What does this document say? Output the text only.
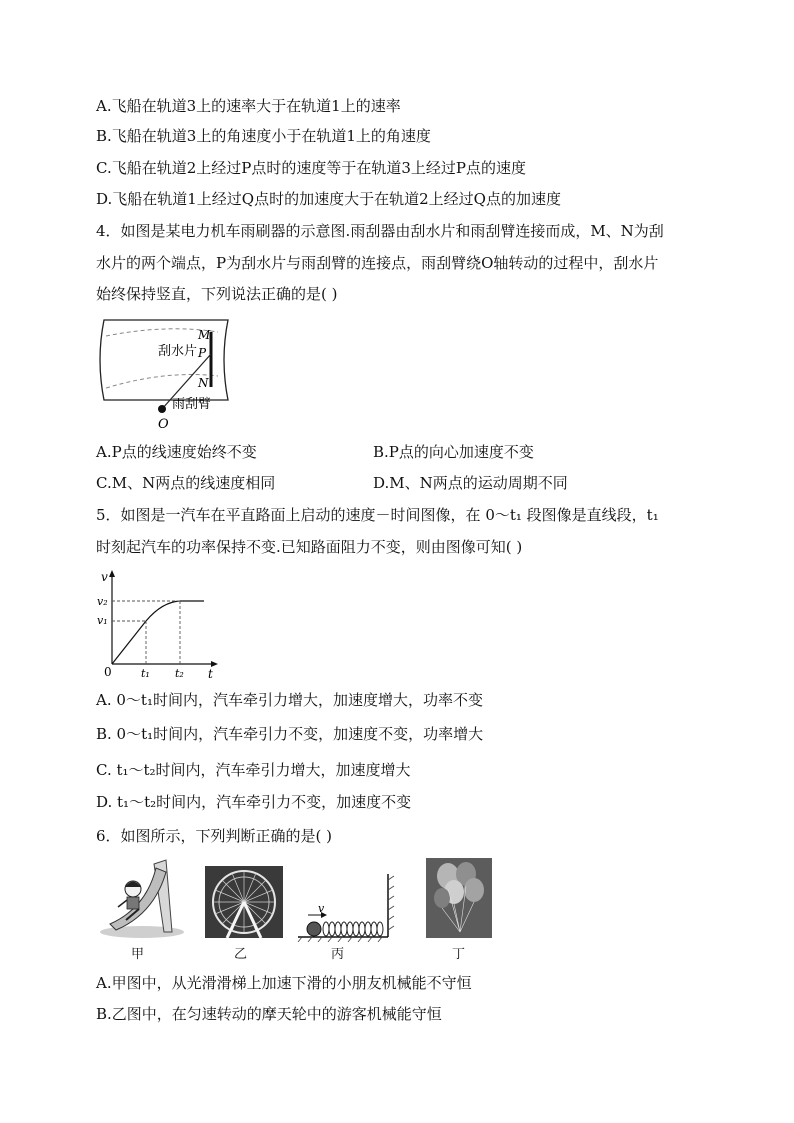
A.飞船在轨道3上的速率大于在轨道1上的速率
B.飞船在轨道3上的角速度小于在轨道1上的角速度
C.飞船在轨道2上经过P点时的速度等于在轨道3上经过P点的速度
D.飞船在轨道1上经过Q点时的加速度大于在轨道2上经过Q点的加速度
4．如图是某电力机车雨刷器的示意图.雨刮器由刮水片和雨刮臂连接而成，M、N为刮
水片的两个端点，P为刮水片与雨刮臂的连接点，雨刮臂绕O轴转动的过程中，刮水片
始终保持竖直，下列说法正确的是( )
M
P
N
O
刮水片
雨刮臂
A.P点的线速度始终不变	B.P点的向心加速度不变
C.M、N两点的线速度相同	D.M、N两点的运动周期不同
5．如图是一汽车在平直路面上启动的速度－时间图像，在 0～t₁ 段图像是直线段，t₁
时刻起汽车的功率保持不变.已知路面阻力不变，则由图像可知( )
v
t
0
v₂
v₁
t₁ t₂
A. 0～t₁时间内，汽车牵引力增大，加速度增大，功率不变
B. 0～t₁时间内，汽车牵引力不变，加速度不变，功率增大
C. t₁～t₂时间内，汽车牵引力增大，加速度增大
D. t₁～t₂时间内，汽车牵引力不变，加速度不变
6．如图所示，下列判断正确的是( )
甲	乙
v
丙	丁
A.甲图中，从光滑滑梯上加速下滑的小朋友机械能不守恒
B.乙图中，在匀速转动的摩天轮中的游客机械能守恒
